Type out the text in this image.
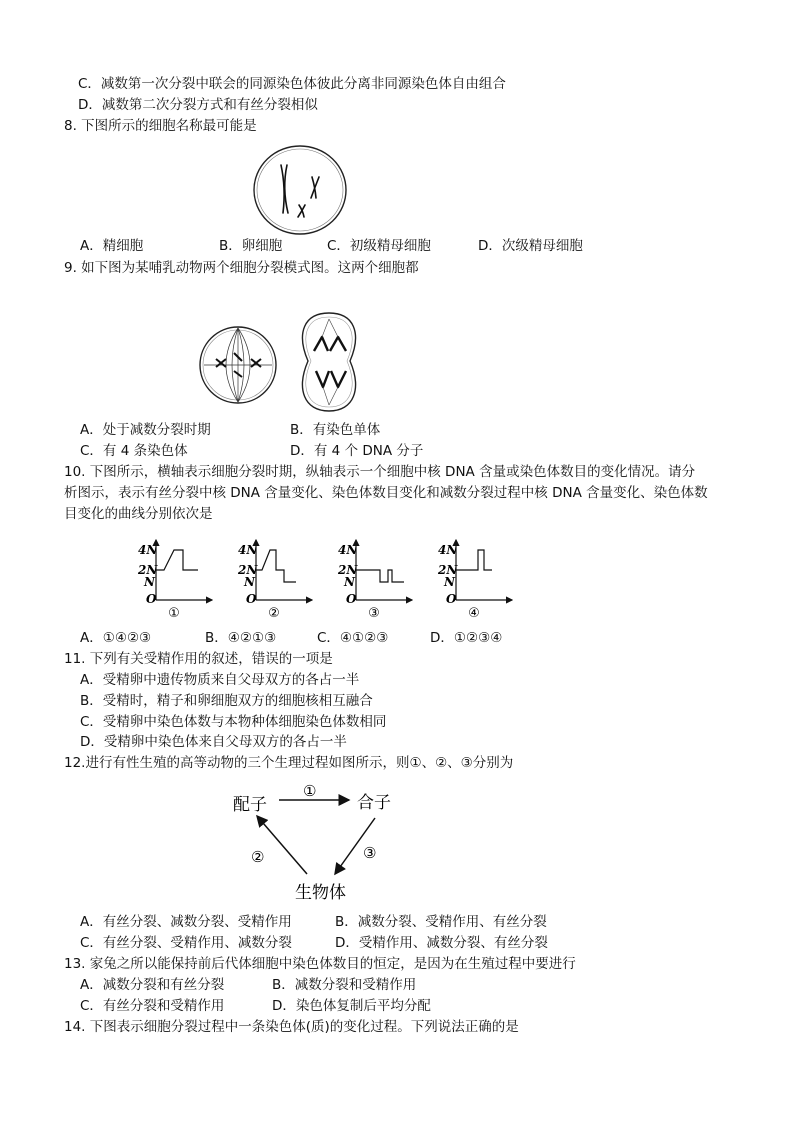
C．减数第一次分裂中联会的同源染色体彼此分离非同源染色体自由组合
D．减数第二次分裂方式和有丝分裂相似
8. 下图所示的细胞名称最可能是
A．精细胞	B．卵细胞	C．初级精母细胞	D．次级精母细胞
9. 如下图为某哺乳动物两个细胞分裂模式图。这两个细胞都
A．处于减数分裂时期	B．有染色单体
C．有 4 条染色体	D．有 4 个 DNA 分子
10. 下图所示，横轴表示细胞分裂时期，纵轴表示一个细胞中核 DNA 含量或染色体数目的变化情况。请分
析图示，表示有丝分裂中核 DNA 含量变化、染色体数目变化和减数分裂过程中核 DNA 含量变化、染色体数
目变化的曲线分别依次是
4N
2N
N
O
①
4N
2N
N
O
②
4N
2N
N
O
③
4N
2N
N
O
④
A．①④②③	B．④②①③	C．④①②③	D．①②③④
11. 下列有关受精作用的叙述，错误的一项是
A．受精卵中遗传物质来自父母双方的各占一半
B．受精时，精子和卵细胞双方的细胞核相互融合
C．受精卵中染色体数与本物种体细胞染色体数相同
D．受精卵中染色体来自父母双方的各占一半
12.进行有性生殖的高等动物的三个生理过程如图所示，则①、②、③分别为
配子	合子
生物体
①
②	③
A．有丝分裂、减数分裂、受精作用	B．减数分裂、受精作用、有丝分裂
C．有丝分裂、受精作用、减数分裂	D．受精作用、减数分裂、有丝分裂
13. 家兔之所以能保持前后代体细胞中染色体数目的恒定，是因为在生殖过程中要进行
A．减数分裂和有丝分裂	B．减数分裂和受精作用
C．有丝分裂和受精作用	D．染色体复制后平均分配
14. 下图表示细胞分裂过程中一条染色体(质)的变化过程。下列说法正确的是
